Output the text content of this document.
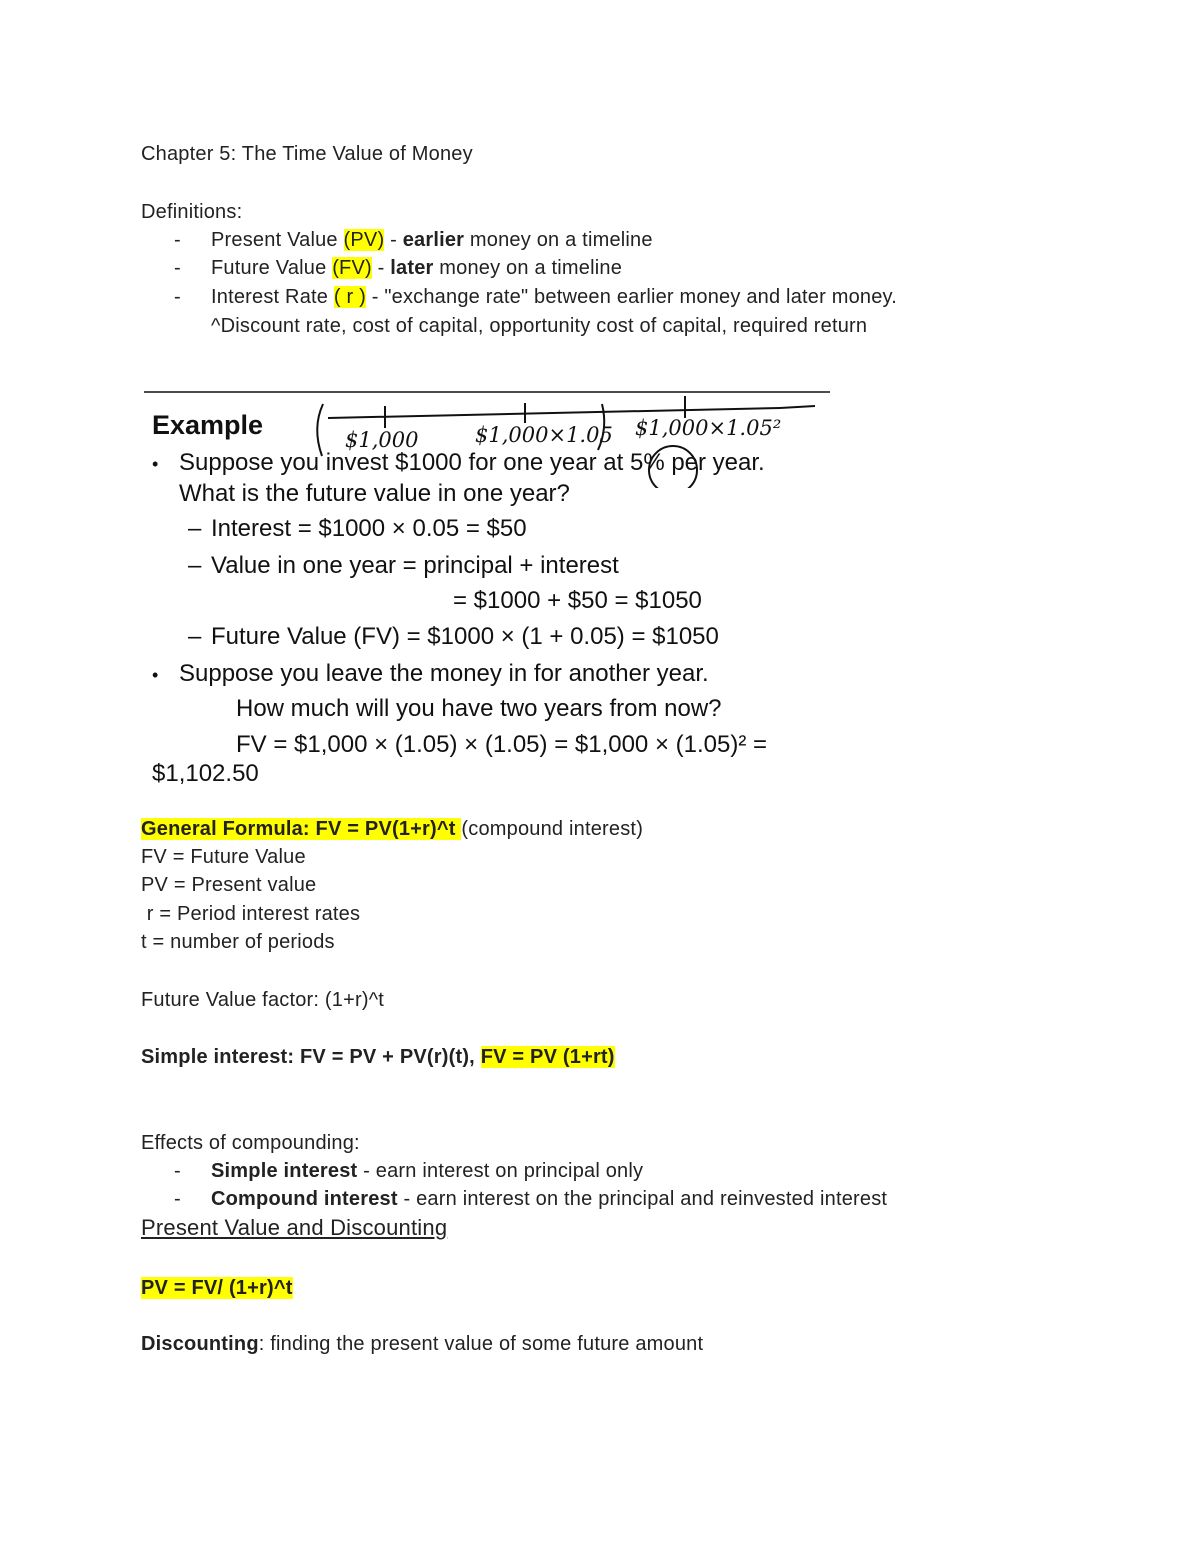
Chapter 5: The Time Value of Money
Definitions:
- Present Value (PV) - earlier money on a timeline
- Future Value (FV) - later money on a timeline
- Interest Rate ( r ) - "exchange rate" between earlier money and later money.
^Discount rate, cost of capital, opportunity cost of capital, required return
$1,000	$1,000×1.05 $1,000×1.05²
Example
• Suppose you invest $1000 for one year at 5% per year.
What is the future value in one year?
– Interest = $1000 × 0.05 = $50
– Value in one year = principal + interest
= $1000 + $50 = $1050
– Future Value (FV) = $1000 × (1 + 0.05) = $1050
• Suppose you leave the money in for another year.
How much will you have two years from now?
FV = $1,000 × (1.05) × (1.05) = $1,000 × (1.05)² =
$1,102.50
General Formula: FV = PV(1+r)^t (compound interest)
FV = Future Value
PV = Present value
r = Period interest rates
t = number of periods
Future Value factor: (1+r)^t
Simple interest: FV = PV + PV(r)(t), FV = PV (1+rt)
Effects of compounding:
- Simple interest - earn interest on principal only
- Compound interest - earn interest on the principal and reinvested interest
Present Value and Discounting
PV = FV/ (1+r)^t
Discounting: finding the present value of some future amount
